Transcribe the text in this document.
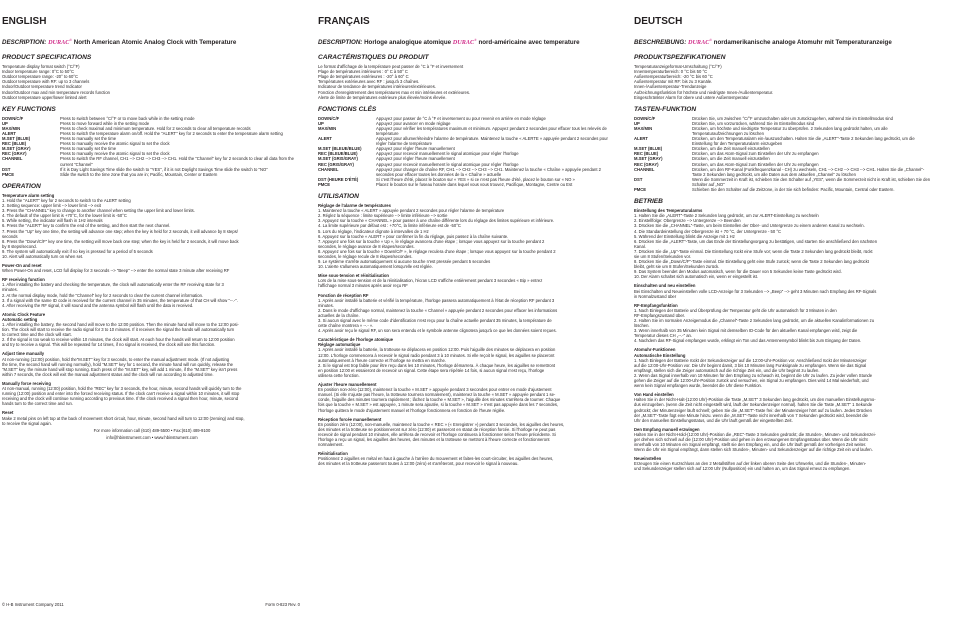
ENGLISH
DESCRIPTION: DURAC® North American Atomic Analog Clock with Temperature
PRODUCT SPECIFICATIONS
Temperature display format switch (°C/°F)
Indoor temperature range: 0°C to 50°C
Outdoor temperature range: -20° to 60°C
Outdoor temperature with RF: up to 3 channels
Indoor/Outdoor temperature trend Indicator
Indoor/Outdoor max and min temperature records function
Outdoor temperature upper/lower limited alert
KEY FUNCTIONS
DOWN/C/F	Press to switch between °C/°F or to move back while in the setting mode
UP	Press to move forward while in the setting mode
MAX/MIN	Press to check maximal and minimum temperature. Hold for 2 seconds to clear all temperature records
ALERT	Press to switch the temperature alarm on/off. Hold the "ALERT" key for 2 seconds to enter the temperature alarm setting
M.SET (BLUE)	Press to manually set the time
REC (BLUE)	Press to manually receive the atomic signal to set the clock
M.SET (GRAY)	Press to manually set the time
REC (GRAY)	Press to manually receive the atomic signal to set the clock
CHANNEL	Press to switch the RF channel, CH1 --> CH2 --> CH3 --> CH1. Hold the "Channel" key for 2 seconds to clear all data from the current "Channel"
DST	If it is Day Light Savings Time slide the switch to "YES", if it is not Daylight Savings Time slide the switch to "NO"
PMCE	Slide the switch to the time zone that you are in; Pacific, Mountain, Center or Eastern
OPERATION
Temperature alarm setting
1. Hold the "ALERT" key for 2 seconds to switch to the ALERT setting
2. Setting sequence: upper limit --> lower limit --> exit
3. Press the "CHANNEL" key to change to another channel when setting the upper limit and lower limits.
4. The default of the upper limit is +70°C, for the lower limit is -50°C
5. While setting, the indicator will flash in 1Hz intervals
6. Press the "ALERT" key to confirm the end of the setting, and then start the next channel.
7. Press the "Up" key one time, the setting will advance one step; when the key is held for 2 seconds, it will advance by 8 steps/
seconds
8. Press the "Down/C/F" key one time, the setting will move back one step; when the key is held for 2 seconds, it will move back
by 8 steps/second.
9. The system will automatically exit if no key is pressed for a period of 5 seconds
10. Alert will automatically turn on when set.
Power-On and reset
When Power-On and reset, LCD full display for 3 seconds --> "Beep" --> enter the normal state 3 minute after receiving RF
RF receiving function
1. After installing the battery and checking the temperature, the clock will automatically enter the RF receiving state for 3
minutes.
2. At the normal display mode, hold the "Channel" key for 2 seconds to clear the current channel information.
3. If a signal with the same ID code is received for the current channel in 35 minutes, the temperature of that CH will show "--.-".
4. After receiving the RF signal, it will sound and the antenna symbol will flash until the data is received.
Atomic Clock Feature
Automatic setting
1. After installing the battery, the second hand will move to the 12:00 position. Then the minute hand will move to the 12:00 posi-
tion. The clock will start to receive the radio signal for 3 to 10 minutes. If it receives the signal the hands will automatically turn
to correct time and the clock will start.
2. If the signal is too weak to receive within 10 minutes, the clock will start. At each hour the hands will return to 12:00 position
and try to receive a signal. This will be repeated for 14 times, if no signal is received, the clock will use this function.
Adjust time manually
At non-running (12:00) position, hold the"M.SET" key for 3 seconds, to enter the manual adjustment mode. (If not adjusting
the time, the second hand will running normally), hold "M.SET" key for 1 second, the minute hand will run quickly, release the
"M.SET" key, the minute hand will stop running. Each press of the "M.SET" key, will add 1 minute, if the "M.SET" key isn't press
within 7 seconds, the clock will exit the manual adjustment status and the clock will run according to adjusted time.
Manually force receiving
At non-manual, running (12:00) position, hold the "REC" key for 3 seconds, the hour, minute, second hands will quickly turn to the
running (12:00) position and enter into the forced receiving status. If the clock can't receive a signal within 10 minutes, it will stop
receiving and the clock will continue running according to previous time. If the clock received a signal then hour, minute, second
hands turn to the correct time and run.
Reset
Make 2 metal pins on left top at the back of movement short circuit, hour, minute, second hand will turn to 12:00 (zeroing) and stop,
to receive the signal again.
For more information call (610) 489-5500 • Fax:(610) 489-9100
info@hbinstrument.com • www.hbinstrument.com
© H-B Instrument Company 2011	Form 0-823 Rev. 0
FRANÇAIS
DESCRIPTION: Horloge analogique atomique DURAC® nord-américaine avec temperature
CARACTÉRISTIQUES DU PRODUIT
Le format d'affichage de la température peut passer de °C à °F et inversement
Plage de températures intérieures : 0° C à 50° C
Plage de températures extérieures : -20° à 60° C
Températures extérieures avec RF : jusqu'à 3 chaînes.
Indicateur de tendance de températures intérieures/extérieures.
Fonction d'enregistrement des températures max et min intérieures et extérieures.
Alerte de limite de températures extérieure plus élevée/moins élevée.
FONCTIONS CLÉS
DOWN/C/F	Appuyez pour passer de °C à °F et inversement ou pour revenir en arrière en mode réglage
UP	Appuyez pour avancer en mode réglage
MAX/MIN	Appuyez pour vérifier les températures maximum et minimum. Appuyez pendant 2 secondes pour effacer tous les relevés de température
ALERT	Appuyez pour allumer/éteindre l'alarme de température. Maintenez la touche « ALERTE » appuyée pendant 2 secondes pour régler l'alarme de température
M.SET (BLEUE/BLUE)	Appuyez pour régler l'heure manuellement
REC (BLEUE/BLUE)	Appuyez pour recevoir manuellement le signal atomique pour régler l'horloge
M.SET (GRIS/GRAY)	Appuyez pour régler l'heure manuellement
REC (GRIS/GRAY)	Appuyez pour recevoir manuellement le signal atomique pour régler l'horloge
CHANNEL	Appuyez pour changer de chaîne RF, CH1 --> CH2 --> CH3 --> CH1. Maintenez la touche « Chaîne » appuyée pendant 2 secondes pour effacer toutes les données de la « Chaîne » actuelle
DST (HEURE D'ÉTÉ)	Si c'est l'heure d'été, placez le bouton sur « YES » si ce n'est pas l'heure d'été, placez le bouton sur « NO »
PMCE	Placez le bouton sur le fuseau horaire dans lequel vous vous trouvez, Pacifique, Montagne, Centre ou Est
UTILISATION
Réglage de l'alarme de températures
1. Maintenez la touche « ALERT » appuyée pendant 2 secondes pour régler l'alarme de température
2. Réglez la séquence : limite supérieure --> limite inférieure --> sortie
3. Appuyez sur la touche « CHANNEL » pour passer à une chaîne différente lors du réglage des limites supérieure et inférieure.
4. La limite supérieure par défaut est : +70°C, la limite inférieure est de -50°C
5. Lors du réglage, l'indicateur clignote à intervalles de 1 Hz
6. Appuyez sur la touche « ALERT » pour confirmer la fin du réglage, puis passez à la chaîne suivante.
7. Appuyez une fois sur la touche « Up », le réglage avancera d'une étape ; lorsque vous appuyez sur la touche pendant 2
secondes, le réglage avance de 8 étapes/secondes.
8. Appuyez une fois sur la touche « Down/C/F », le réglage reculera d'une étape ; lorsque vous appuyez sur la touche pendant 2
secondes, le réglage recule de 8 étapes/secondes.
9. Le système s'arrête automatiquement si aucune touche n'est pressée pendant 5 secondes
10. L'alerte s'allumera automatiquement lorsqu'elle est réglée.
Mise sous-tension et réinitialisation
Lors de la mise sous-tension et de la réinitialisation, l'écran LCD s'affiche entièrement pendant 3 secondes « Bip » entrez
l'affichage normal 3 minutes après avoir reçu RF
Fonction de réception RF
1. Après avoir installé la batterie et vérifié la température, l'horloge passera automatiquement à l'état de réception RF pendant 3
minutes.
2. Dans le mode d'affichage normal, maintenez la touche « Channel » appuyée pendant 2 secondes pour effacer les informations
actuelles de la chaîne.
3. Si aucun signal avec le même code d'identification n'est reçu pour la chaîne actuelle pendant 35 minutes, la température de
cette chaîne montrera « --.- ».
4. Après avoir reçu le signal RF, un son sera entendu et le symbole antenne clignotera jusqu'à ce que les données soient reçues.
Caractéristique de l'horloge atomique
Réglage automatique
1. Après avoir installé la batterie, la trotteuse se déplacera en position 12:00. Puis l'aiguille des minutes se déplacera en position
12:00. L'horloge commencera à recevoir le signal radio pendant 3 à 10 minutes. Si elle reçoit le signal, les aiguilles se placeront
automatiquement à l'heure correcte et l'horloge se mettra en marche.
2. Si le signal est trop faible pour être reçu dans les 10 minutes, l'horloge démarrera. À chaque heure, les aiguilles se remettront
en position 12:00 et essaieront de recevoir un signal. Cette étape sera répétée 14 fois, si aucun signal n'est reçu, l'horloge
utilisera cette fonction.
Ajuster l'heure manuellement
En position non-zéro (12:00), maintenez la touche « M.SET » appuyée pendant 3 secondes pour entrer en mode d'ajustement
manuel. (Si elle n'ajuste pas l'heure, la trotteuse tournera normalement), maintenez la touche « M.SET » appuyée pendant 1 se-
conde, l'aiguille des minutes tournera rapidement ; lâchez la touche « M.SET », l'aiguille des minutes s'arrêtera de tourner. Chaque
fois que la touche « M.SET » est appuyée, 1 minute sera ajoutée, si la touche « M.SET » n'est pas appuyée dans les 7 secondes,
l'horloge quittera le mode d'ajustement manuel et l'horloge fonctionnera en fonction de l'heure réglée.
Réception forcée manuellement
En position zéro (12:00), non-manuelle, maintenez la touche « REC » (« Enregistrer ») pendant 3 secondes, les aiguilles des heures,
des minutes et la trotteuse se positionneront sur zéro (12:00) et passeront en statut de réception forcée. Si l'horloge ne peut pas
recevoir de signal pendant 10 minutes, elle arrêtera de recevoir et l'horloge continuera à fonctionner selon l'heure précédente. Si
l'horloge a reçu un signal, les aiguilles des heures, des minutes et la trotteuse se mettront à l'heure correcte et fonctionneront
normalement.
Réinitialisation
Positionnez 2 aiguilles en métal en haut à gauche à l'arrière du mouvement et faites-les court-circuiter, les aiguilles des heures,
des minutes et la trotteuse passeront toutes à 12:00 (zéro) et s'arrêteront, pour recevoir le signal à nouveau.
DEUTSCH
BESCHREIBUNG: DURAC® nordamerikanische analoge Atomuhr mit Temperaturanzeige
PRODUKTSPEZIFIKATIONEN
Temperaturanzeigeformat-Umschaltung (°C/°F)
Innentemperaturbereich: 0 °C bis 50 °C
Außentemperaturbereich: -20 °C bis 60 °C
Außentemperatur mit RF: bis zu 3 Kanäle.
Innen-/Außentemperatur-Trendanzeige
Aufzeichnungsfunktion für höchste und niedrigste Innen-/Außentemperatur.
Eingeschränkter Alarm für obere und untere Außentemperatur
TASTEN-FUNKTION
DOWN/C/F	Drücken Sie, um zwischen °C/°F umzuschalten oder um zurückzugehen, während Sie im Einstellmodus sind
UP	Drücken Sie, um vorzurücken, während Sie im Einstellmodus sind
MAX/MIN	Drücken, um höchste und niedrigste Temperatur zu überprüfen. 2 Sekunden lang gedrückt halten, um alle Temperaturaufzeichnungen zu löschen
ALERT	Drücken, um den Temperaturalarm ein-/auszuschalten. Halten Sie die „ALERT"-Taste 2 Sekunden lang gedrückt, um die Einstellung für den Temperaturalarm einzugeben
M.SET (BLUE)	Drücken, um die Zeit manuell einzustellen
REC (BLUE)	Drücken, um das Atom-Signal zum Einstellen der Uhr zu empfangen
M.SET (GRAY)	Drücken, um die Zeit manuell einzustellen
REC (GRAY)	Drücken, um das Atom-Signal zum Einstellen der Uhr zu empfangen
CHANNEL	Drücken, um den RF-Kanal (Funkfrequenzkanal - CH) zu wechseln, CH1 --> CH2 --> CH3 --> CH1. Halten Sie die „Channel"-Taste 2 Sekunden lang gedrückt, um alle Daten aus dem aktuellen „Channel" zu löschen
DST	Wenn die Sommerzeit in Kraft ist, schieben Sie den Schalter auf „YES", wenn die Sommerzeit nicht in Kraft ist, schieben Sie den Schalter auf „NO"
PMCE	Schieben Sie den Schalter auf die Zeitzone, in der Sie sich befinden: Pacific, Mountain, Central oder Eastern.
BETRIEB
Einstellung des Temperaturalarms
1. Halten Sie die „ALERT"-Taste 2 Sekunden lang gedrückt, um zur ALERT-Einstellung zu wechseln
2. Einstellfolge: Obergrenze --> Untergrenze --> Beenden
3. Drücken Sie die „CHANNEL"-Taste, um beim Einstellen der Ober- und Untergrenze zu einem anderen Kanal zu wechseln.
4. Die Standardeinstellung der Obergrenze ist + 70 °C, der Untergrenze - 50 °C
5. Während der Einstellung blinkt die Anzeige mit 1 Hz
6. Drücken Sie die „ALERT"-Taste, um das Ende der Einstellungvorgang zu bestätigen, und starten Sie anschließend den nächsten
Kanal.
7. Drücken Sie die „Up"-Taste einmal. Die Einstellung rückt eine Stufe vor; wenn die Taste 2 Sekunden lang gedrückt bleibt, rückt
sie um 8 Stufen/Sekunden vor.
8. Drücken Sie die „Down/C/F"-Taste einmal. Die Einstellung geht eine Stufe zurück; wenn die Taste 2 Sekunden lang gedrückt
bleibt, geht sie um 8 Stufen/Sekunden zurück.
9. Das System beendet den Modus automatisch, wenn für die Dauer von 5 Sekunden keine Taste gedrückt wird.
10. Der Alarm schaltet sich automatisch ein, wenn er eingestellt ist.
Einschalten und neu einstellen
Bei Einschalten und Neueinstellen volle LCD-Anzeige für 3 Sekunden --> „Beep" --> geht 3 Minuten nach Empfang des RF-Signals
in Normalzustand über
RF-Empfangsfunktion
1. Nach Einlegen der Batterie und Überprüfung der Temperatur geht die Uhr automatisch für 3 Minuten in den
RF-Empfangszustand über.
2. Halten Sie im normalen Anzeigemodus die „Channel"-Taste 2 Sekunden lang gedrückt, um die aktuellen Kanalinformationen zu
löschen.
3. Wenn innerhalb von 35 Minuten kein Signal mit demselben ID-Code für den aktuellen Kanal empfangen wird, zeigt die
Temperatur dieses CH „--.-" an.
4. Nachdem das RF-Signal empfangen wurde, erklingt ein Ton und das Antennensymbol blinkt bis zum Eingang der Daten.
Atomuhr-Funktionen
Automatische Einstellung
1. Nach Einlegen der Batterie rückt der Sekundenzeiger auf die 12:00-Uhr-Position vor. Anschließend rückt der Minutenzeiger
auf die 12:00-Uhr-Position vor. Die Uhr beginnt damit, 3 bis 10 Minuten lang Funksignale zu empfangen. Wenn sie das Signal
empfängt, stellen sich die Zeiger automatisch auf die richtige Zeit ein, und die Uhr beginnt zu laufen.
2. Wenn das Signal innerhalb von 10 Minuten für den Empfang zu schwach ist, beginnt die Uhr zu laufen. Zu jeder vollen Stunde
gehen die Zeiger auf die 12:00-Uhr-Position zurück und versuchen, ein Signal zu empfangen. Dies wird 14 Mal wiederholt, und
wenn kein Signal empfangen wurde, beendet die Uhr diese Funktion.
Von Hand einstellen
Halten Sie in der Nicht-Halt-(12:00 Uhr)-Position die Taste „M.SET" 3 Sekunden lang gedrückt, um den manuellen Einstellungsmo-
dus einzugeben. (wenn die Zeit nicht eingestellt wird, läuft der Sekundenzeiger normal). halten Sie die Taste „M.SET" 1 Sekunde
gedrückt; der Minutenzeiger läuft schnell; geben Sie die „M.SET"-Taste frei: der Minutenzeiger hört auf zu laufen. Jedes Drücken
der „M.SET"-Taste fügt eine Minute hinzu. wenn die „M.SET"-Taste nicht innerhalb von 7 Sekunden gedrückt wird, beendet die
Uhr den manuellen Einstellungsstatus, und die Uhr läuft gemäß der eingestellten Zeit.
Den Empfang manuell erzwingen
Halten Sie in der Nicht-Hold-(12:00 Uhr)-Position die „REC"-Taste 3 Sekunden gedrückt; die Stunden-, Minuten- und Sekundenzei-
ger drehen sich schnell auf die (12:00 Uhr)-Position und gehen in den erzwungenen Empfangsstatus über. Wenn die Uhr nicht
innerhalb von 10 Minuten ein Signal empfängt, stellt sie den Empfang ein, und die Uhr läuft gemäß der vorherigen Zeit weiter.
Wenn die Uhr ein Signal empfängt, dann stellen sich Stunden-, Minuten- und Sekundenzeiger auf die richtige Zeit ein und laufen.
Neueinstellen
Erzeugen Sie einen Kurzschluss an den 2 Metallstiften auf der linken oberen Seite des Uhrwerks, und die Stunden-, Minuten-
und Sekundenzeiger stellen sich auf 12:00 Uhr (Nullposition) ein und halten an, um das Signal erneut zu empfangen.
